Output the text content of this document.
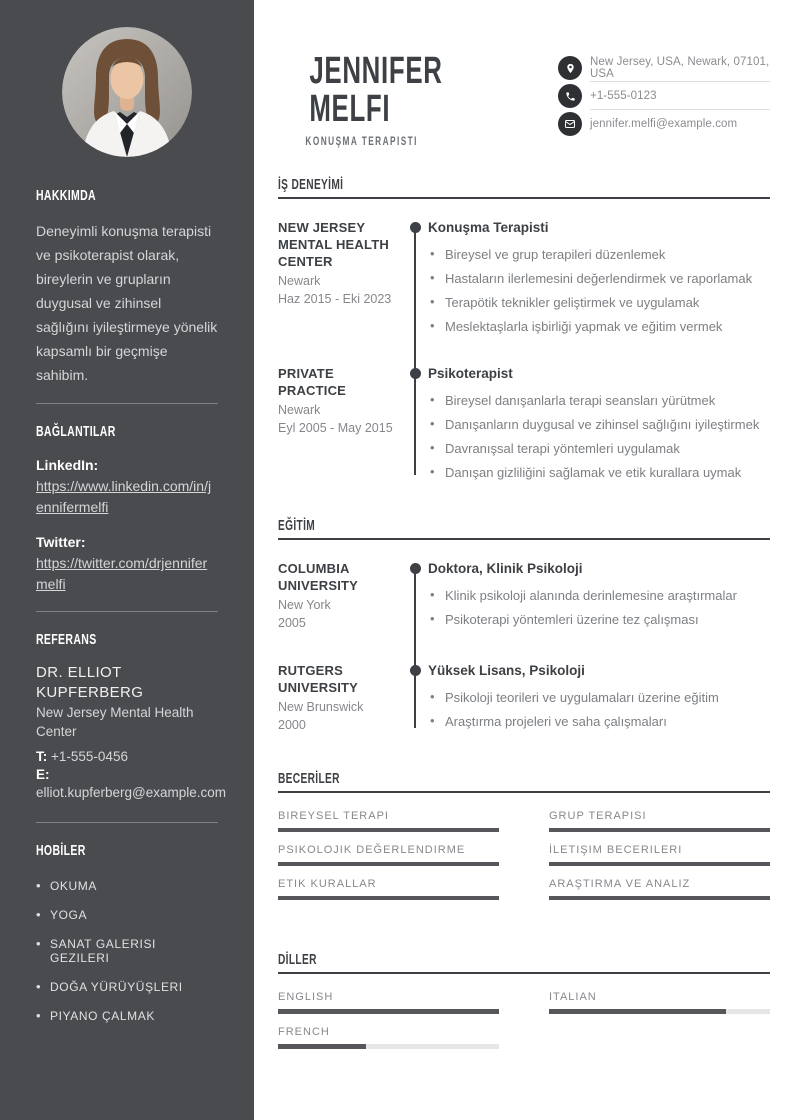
HAKKIMDA

Deneyimli konuşma terapisti ve psikoterapist olarak, bireylerin ve grupların duygusal ve zihinsel sağlığını iyileştirmeye yönelik kapsamlı bir geçmişe sahibim.

BAĞLANTILAR
LinkedIn:
https://www.linkedin.com/in/jennifermelfi
Twitter:
https://twitter.com/drjennifermelfi
REFERANS
DR. ELLIOT KUPFERBERG
New Jersey Mental Health Center
T: +1-555-0456
E: elliot.kupferberg@example.com
HOBİLER
• OKUMA
• YOGA
• SANAT GALERISI GEZILERI
• DOĞA YÜRÜYÜŞLERI
• PIYANO ÇALMAK
JENNIFER
MELFI
KONUŞMA TERAPISTI
New Jersey, USA, Newark, 07101, USA
+1-555-0123
jennifer.melfi@example.com
İŞ DENEYİMİ
NEW JERSEY MENTAL HEALTH CENTER
Newark
Haz 2015 - Eki 2023
Konuşma Terapisti
• Bireysel ve grup terapileri düzenlemek
• Hastaların ilerlemesini değerlendirmek ve raporlamak
• Terapötik teknikler geliştirmek ve uygulamak
• Meslektaşlarla işbirliği yapmak ve eğitim vermek
PRIVATE PRACTICE
Newark
Eyl 2005 - May 2015
Psikoterapist
• Bireysel danışanlarla terapi seansları yürütmek
• Danışanların duygusal ve zihinsel sağlığını iyileştirmek
• Davranışsal terapi yöntemleri uygulamak
• Danışan gizliliğini sağlamak ve etik kurallara uymak
EĞİTİM
COLUMBIA UNIVERSITY
New York
2005
Doktora, Klinik Psikoloji
• Klinik psikoloji alanında derinlemesine araştırmalar
• Psikoterapi yöntemleri üzerine tez çalışması
RUTGERS UNIVERSITY
New Brunswick
2000
Yüksek Lisans, Psikoloji
• Psikoloji teorileri ve uygulamaları üzerine eğitim
• Araştırma projeleri ve saha çalışmaları
BECERİLER
BIREYSEL TERAPI	GRUP TERAPISI
PSIKOLOJIK DEĞERLENDIRME	İLETIŞIM BECERILERI
ETIK KURALLAR	ARAŞTIRMA VE ANALIZ
DİLLER
ENGLISH	ITALIAN
FRENCH
